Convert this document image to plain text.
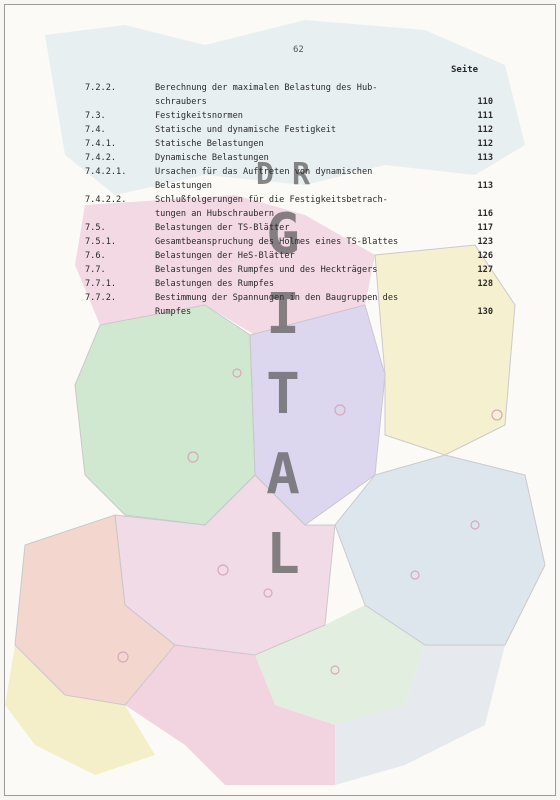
D R
G
I
T
A
L
62
Seite
7.2.2.	Berechnung der maximalen Belastung des Hub-
schraubers	110
7.3.	Festigkeitsnormen	111
7.4.	Statische und dynamische Festigkeit	112
7.4.1.	Statische Belastungen	112
7.4.2.	Dynamische Belastungen	113
7.4.2.1.	Ursachen für das Auftreten von dynamischen
Belastungen	113
7.4.2.2.	Schlußfolgerungen für die Festigkeitsbetrach-
tungen an Hubschraubern	116
7.5.	Belastungen der TS-Blätter	117
7.5.1.	Gesamtbeanspruchung des Holmes eines TS-Blattes	123
7.6.	Belastungen der HeS-Blätter	126
7.7.	Belastungen des Rumpfes und des Heckträgers	127
7.7.1.	Belastungen des Rumpfes	128
7.7.2.	Bestimmung der Spannungen in den Baugruppen des
Rumpfes	130
